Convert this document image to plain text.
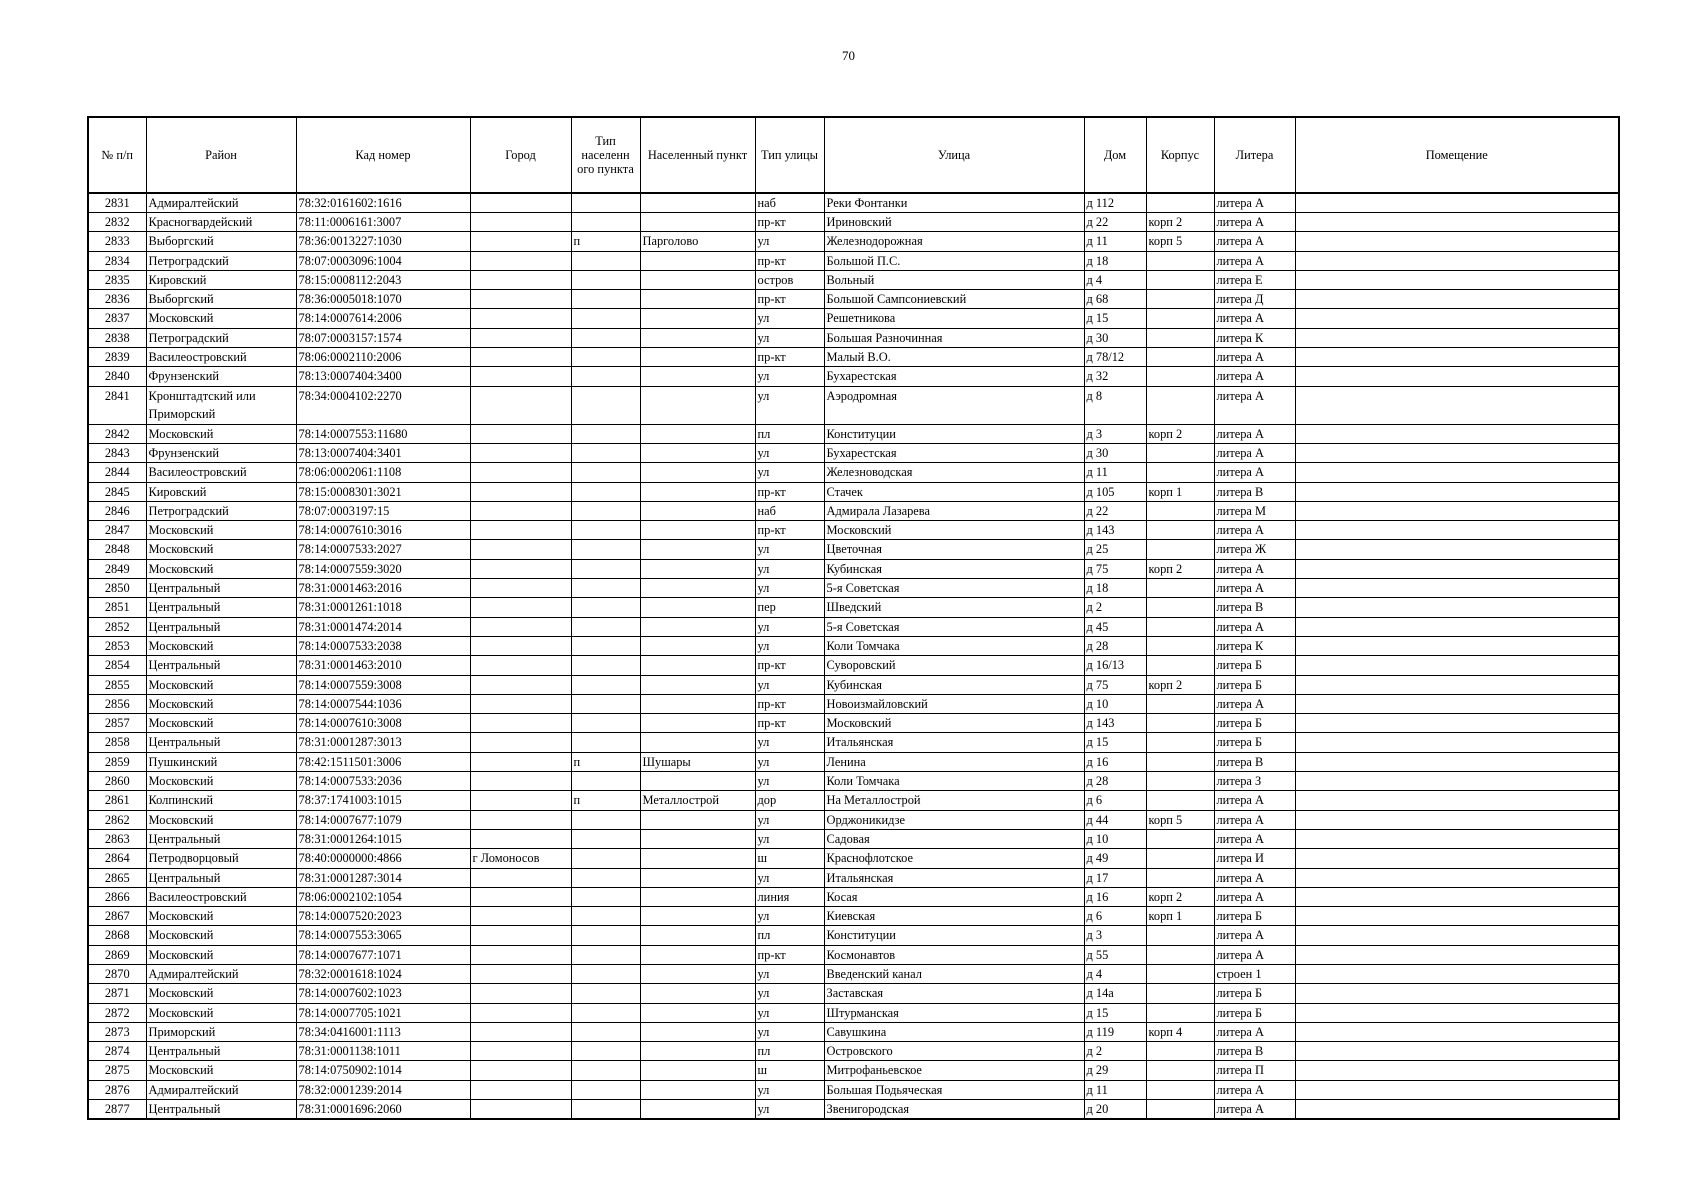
70
№ п/п	Район	Кад номер	Город	Тип населенн ого пункта	Населенный пункт	Тип улицы	Улица	Дом	Корпус	Литера	Помещение
2831	Адмиралтейский	78:32:0161602:1616				наб	Реки Фонтанки	д 112		литера А	
2832	Красногвардейский	78:11:0006161:3007				пр-кт	Ириновский	д 22	корп 2	литера А	
2833	Выборгский	78:36:0013227:1030		п	Парголово	ул	Железнодорожная	д 11	корп 5	литера А	
2834	Петроградский	78:07:0003096:1004				пр-кт	Большой П.С.	д 18		литера А	
2835	Кировский	78:15:0008112:2043				остров	Вольный	д 4		литера Е	
2836	Выборгский	78:36:0005018:1070				пр-кт	Большой Сампсониевский	д 68		литера Д	
2837	Московский	78:14:0007614:2006				ул	Решетникова	д 15		литера А	
2838	Петроградский	78:07:0003157:1574				ул	Большая Разночинная	д 30		литера К	
2839	Василеостровский	78:06:0002110:2006				пр-кт	Малый В.О.	д 78/12		литера А	
2840	Фрунзенский	78:13:0007404:3400				ул	Бухарестская	д 32		литера А	
2841	Кронштадтский или Приморский	78:34:0004102:2270				ул	Аэродромная	д 8		литера А	
2842	Московский	78:14:0007553:11680				пл	Конституции	д 3	корп 2	литера А	
2843	Фрунзенский	78:13:0007404:3401				ул	Бухарестская	д 30		литера А	
2844	Василеостровский	78:06:0002061:1108				ул	Железноводская	д 11		литера А	
2845	Кировский	78:15:0008301:3021				пр-кт	Стачек	д 105	корп 1	литера В	
2846	Петроградский	78:07:0003197:15				наб	Адмирала Лазарева	д 22		литера М	
2847	Московский	78:14:0007610:3016				пр-кт	Московский	д 143		литера А	
2848	Московский	78:14:0007533:2027				ул	Цветочная	д 25		литера Ж	
2849	Московский	78:14:0007559:3020				ул	Кубинская	д 75	корп 2	литера А	
2850	Центральный	78:31:0001463:2016				ул	5-я Советская	д 18		литера А	
2851	Центральный	78:31:0001261:1018				пер	Шведский	д 2		литера В	
2852	Центральный	78:31:0001474:2014				ул	5-я Советская	д 45		литера А	
2853	Московский	78:14:0007533:2038				ул	Коли Томчака	д 28		литера К	
2854	Центральный	78:31:0001463:2010				пр-кт	Суворовский	д 16/13		литера Б	
2855	Московский	78:14:0007559:3008				ул	Кубинская	д 75	корп 2	литера Б	
2856	Московский	78:14:0007544:1036				пр-кт	Новоизмайловский	д 10		литера А	
2857	Московский	78:14:0007610:3008				пр-кт	Московский	д 143		литера Б	
2858	Центральный	78:31:0001287:3013				ул	Итальянская	д 15		литера Б	
2859	Пушкинский	78:42:1511501:3006		п	Шушары	ул	Ленина	д 16		литера В	
2860	Московский	78:14:0007533:2036				ул	Коли Томчака	д 28		литера З	
2861	Колпинский	78:37:1741003:1015		п	Металлострой	дор	На Металлострой	д 6		литера А	
2862	Московский	78:14:0007677:1079				ул	Орджоникидзе	д 44	корп 5	литера А	
2863	Центральный	78:31:0001264:1015				ул	Садовая	д 10		литера А	
2864	Петродворцовый	78:40:0000000:4866	г Ломоносов			ш	Краснофлотское	д 49		литера И	
2865	Центральный	78:31:0001287:3014				ул	Итальянская	д 17		литера А	
2866	Василеостровский	78:06:0002102:1054				линия	Косая	д 16	корп 2	литера А	
2867	Московский	78:14:0007520:2023				ул	Киевская	д 6	корп 1	литера Б	
2868	Московский	78:14:0007553:3065				пл	Конституции	д 3		литера А	
2869	Московский	78:14:0007677:1071				пр-кт	Космонавтов	д 55		литера А	
2870	Адмиралтейский	78:32:0001618:1024				ул	Введенский канал	д 4		строен 1	
2871	Московский	78:14:0007602:1023				ул	Заставская	д 14а		литера Б	
2872	Московский	78:14:0007705:1021				ул	Штурманская	д 15		литера Б	
2873	Приморский	78:34:0416001:1113				ул	Савушкина	д 119	корп 4	литера А	
2874	Центральный	78:31:0001138:1011				пл	Островского	д 2		литера В	
2875	Московский	78:14:0750902:1014				ш	Митрофаньевское	д 29		литера П	
2876	Адмиралтейский	78:32:0001239:2014				ул	Большая Подьяческая	д 11		литера А	
2877	Центральный	78:31:0001696:2060				ул	Звенигородская	д 20		литера А	
